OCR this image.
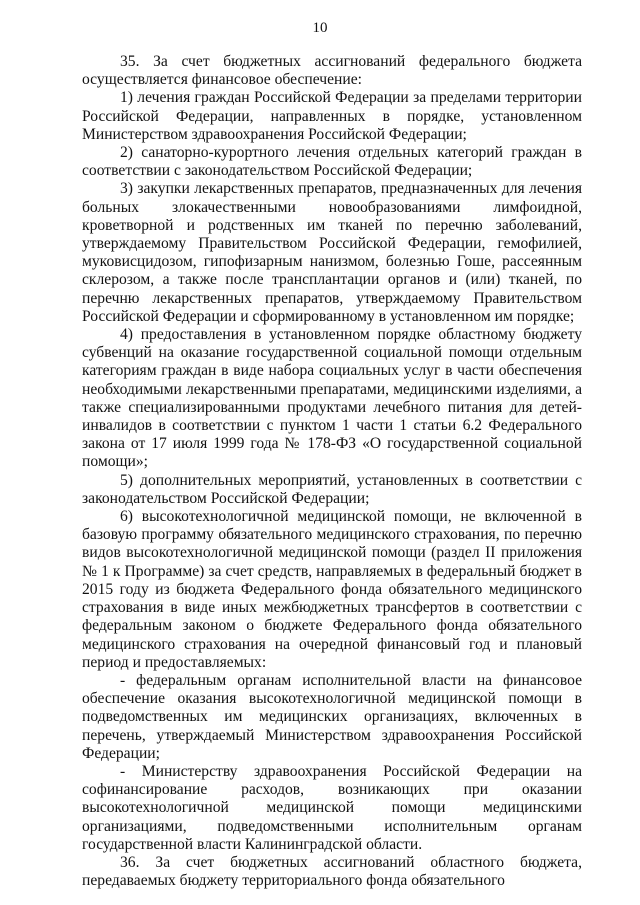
10

35. За счет бюджетных ассигнований федерального бюджета осуществляется финансовое обеспечение:

1) лечения граждан Российской Федерации за пределами территории Российской Федерации, направленных в порядке, установленном Министерством здравоохранения Российской Федерации;

2) санаторно-курортного лечения отдельных категорий граждан в соответствии с законодательством Российской Федерации;

3) закупки лекарственных препаратов, предназначенных для лечения больных злокачественными новообразованиями лимфоидной, кроветворной и родственных им тканей по перечню заболеваний, утверждаемому Правительством Российской Федерации, гемофилией, муковисцидозом, гипофизарным нанизмом, болезнью Гоше, рассеянным склерозом, а также после трансплантации органов и (или) тканей, по перечню лекарственных препаратов, утверждаемому Правительством Российской Федерации и сформированному в установленном им порядке;

4) предоставления в установленном порядке областному бюджету субвенций на оказание государственной социальной помощи отдельным категориям граждан в виде набора социальных услуг в части обеспечения необходимыми лекарственными препаратами, медицинскими изделиями, а также специализированными продуктами лечебного питания для детей-инвалидов в соответствии с пунктом 1 части 1 статьи 6.2 Федерального закона от 17 июля 1999 года № 178-ФЗ «О государственной социальной помощи»;

5) дополнительных мероприятий, установленных в соответствии с законодательством Российской Федерации;

6) высокотехнологичной медицинской помощи, не включенной в базовую программу обязательного медицинского страхования, по перечню видов высокотехнологичной медицинской помощи (раздел II приложения № 1 к Программе) за счет средств, направляемых в федеральный бюджет в 2015 году из бюджета Федерального фонда обязательного медицинского страхования в виде иных межбюджетных трансфертов в соответствии с федеральным законом о бюджете Федерального фонда обязательного медицинского страхования на очередной финансовый год и плановый период и предоставляемых:

- федеральным органам исполнительной власти на финансовое обеспечение оказания высокотехнологичной медицинской помощи в подведомственных им медицинских организациях, включенных в перечень, утверждаемый Министерством здравоохранения Российской Федерации;

- Министерству здравоохранения Российской Федерации на софинансирование расходов, возникающих при оказании высокотехнологичной медицинской помощи медицинскими организациями, подведомственными исполнительным органам государственной власти Калининградской области.

36. За счет бюджетных ассигнований областного бюджета, передаваемых бюджету территориального фонда обязательного
